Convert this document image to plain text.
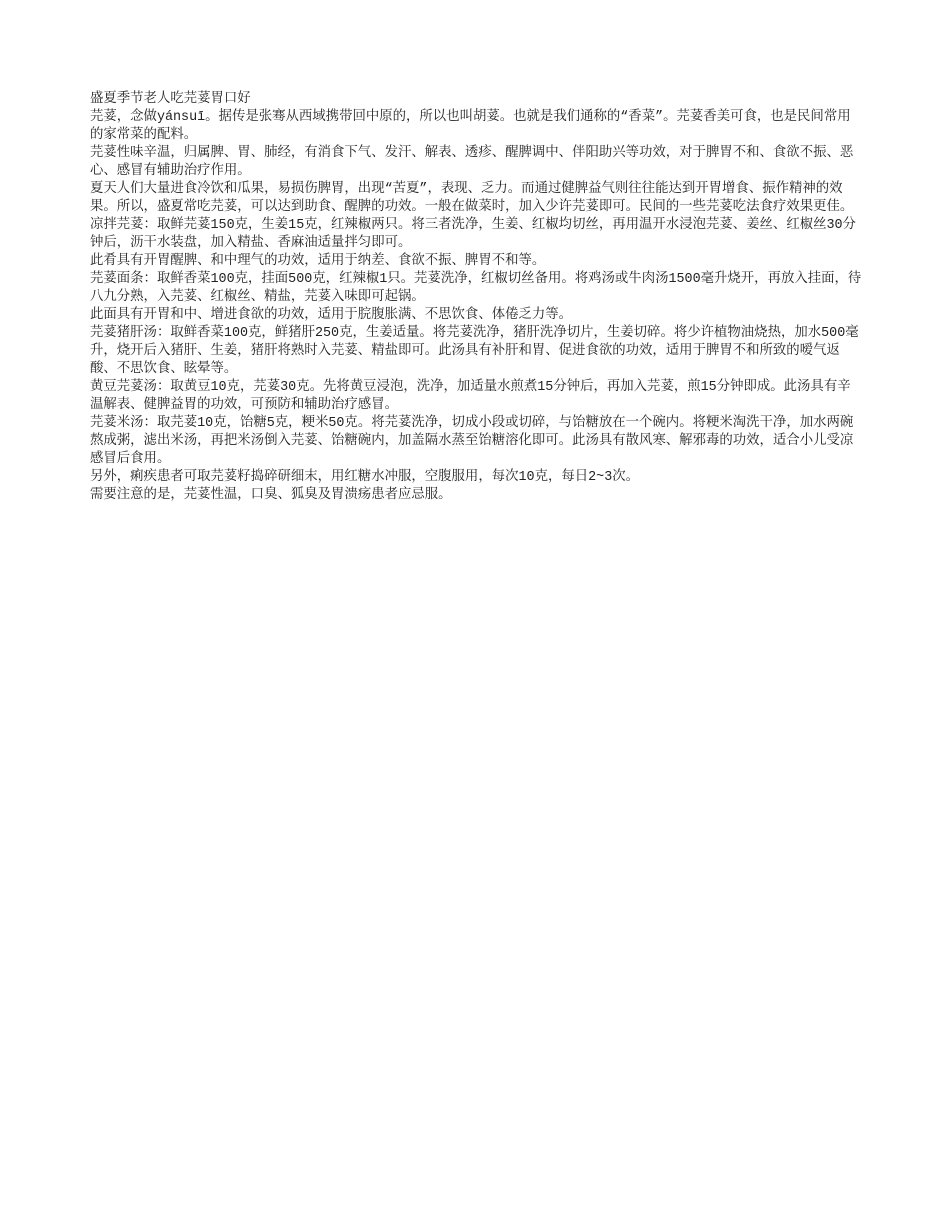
盛夏季节老人吃芫荽胃口好

芫荽，念做yánsuī。据传是张骞从西域携带回中原的，所以也叫胡荽。也就是我们通称的“香菜”。芫荽香美可食，也是民间常用的家常菜的配料。

芫荽性味辛温，归属脾、胃、肺经，有消食下气、发汗、解表、透疹、醒脾调中、伴阳助兴等功效，对于脾胃不和、食欲不振、恶心、感冒有辅助治疗作用。

夏天人们大量进食冷饮和瓜果，易损伤脾胃，出现“苦夏”，表现、乏力。而通过健脾益气则往往能达到开胃增食、振作精神的效果。所以，盛夏常吃芫荽，可以达到助食、醒脾的功效。一般在做菜时，加入少许芫荽即可。民间的一些芫荽吃法食疗效果更佳。

凉拌芫荽：取鲜芫荽150克，生姜15克，红辣椒两只。将三者洗净，生姜、红椒均切丝，再用温开水浸泡芫荽、姜丝、红椒丝30分钟后，沥干水装盘，加入精盐、香麻油适量拌匀即可。

此肴具有开胃醒脾、和中理气的功效，适用于纳差、食欲不振、脾胃不和等。

芫荽面条：取鲜香菜100克，挂面500克，红辣椒1只。芫荽洗净，红椒切丝备用。将鸡汤或牛肉汤1500毫升烧开，再放入挂面，待八九分熟，入芫荽、红椒丝、精盐，芫荽入味即可起锅。

此面具有开胃和中、增进食欲的功效，适用于脘腹胀满、不思饮食、体倦乏力等。

芫荽猪肝汤：取鲜香菜100克，鲜猪肝250克，生姜适量。将芫荽洗净，猪肝洗净切片，生姜切碎。将少许植物油烧热，加水500毫升，烧开后入猪肝、生姜，猪肝将熟时入芫荽、精盐即可。此汤具有补肝和胃、促进食欲的功效，适用于脾胃不和所致的嗳气返酸、不思饮食、眩晕等。

黄豆芫荽汤：取黄豆10克，芫荽30克。先将黄豆浸泡，洗净，加适量水煎煮15分钟后，再加入芫荽，煎15分钟即成。此汤具有辛温解表、健脾益胃的功效，可预防和辅助治疗感冒。

芫荽米汤：取芫荽10克，饴糖5克，粳米50克。将芫荽洗净，切成小段或切碎，与饴糖放在一个碗内。将粳米淘洗干净，加水两碗熬成粥，滤出米汤，再把米汤倒入芫荽、饴糖碗内，加盖隔水蒸至饴糖溶化即可。此汤具有散风寒、解邪毒的功效，适合小儿受凉感冒后食用。

另外，痢疾患者可取芫荽籽捣碎研细末，用红糖水冲服，空腹服用，每次10克，每日2~3次。

需要注意的是，芫荽性温，口臭、狐臭及胃溃疡患者应忌服。
